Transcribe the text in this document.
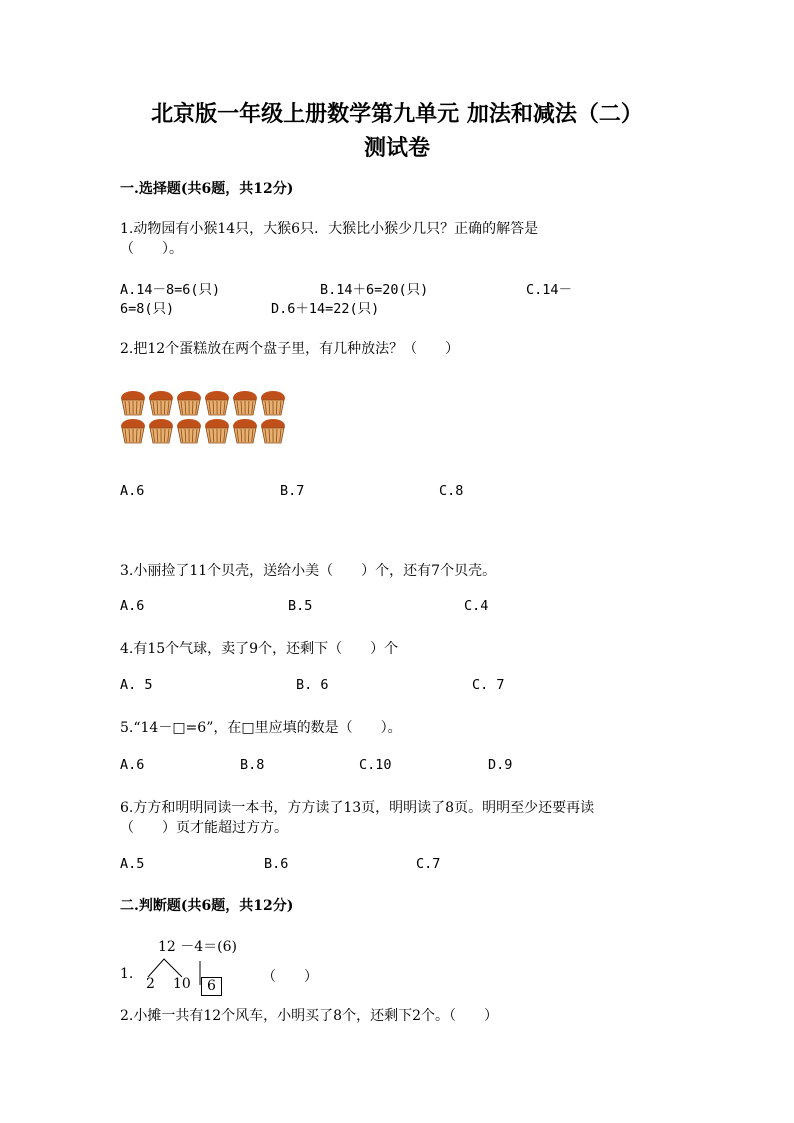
北京版一年级上册数学第九单元 加法和减法（二）
测试卷
一.选择题(共6题，共12分)
1.动物园有小猴14只，大猴6只．大猴比小猴少几只？正确的解答是
（　　）。
A.14－8=6(只)	B.14＋6=20(只)	C.14－
6=8(只)	D.6＋14=22(只)
2.把12个蛋糕放在两个盘子里，有几种放法？（　　）
A.6	B.7	C.8
3.小丽捡了11个贝壳，送给小美（　　）个，还有7个贝壳。
A.6	B.5	C.4
4.有15个气球，卖了9个，还剩下（　　）个
A. 5	B. 6	C. 7
5.“14－□=6”，在□里应填的数是（　　）。
A.6	B.8	C.10	D.9
6.方方和明明同读一本书，方方读了13页，明明读了8页。明明至少还要再读
（　　）页才能超过方方。
A.5	B.6	C.7
二.判断题(共6题，共12分)
12 －4＝(6)
1.
2 10	6
（　　）
2.小摊一共有12个风车，小明买了8个，还剩下2个。（　　）
